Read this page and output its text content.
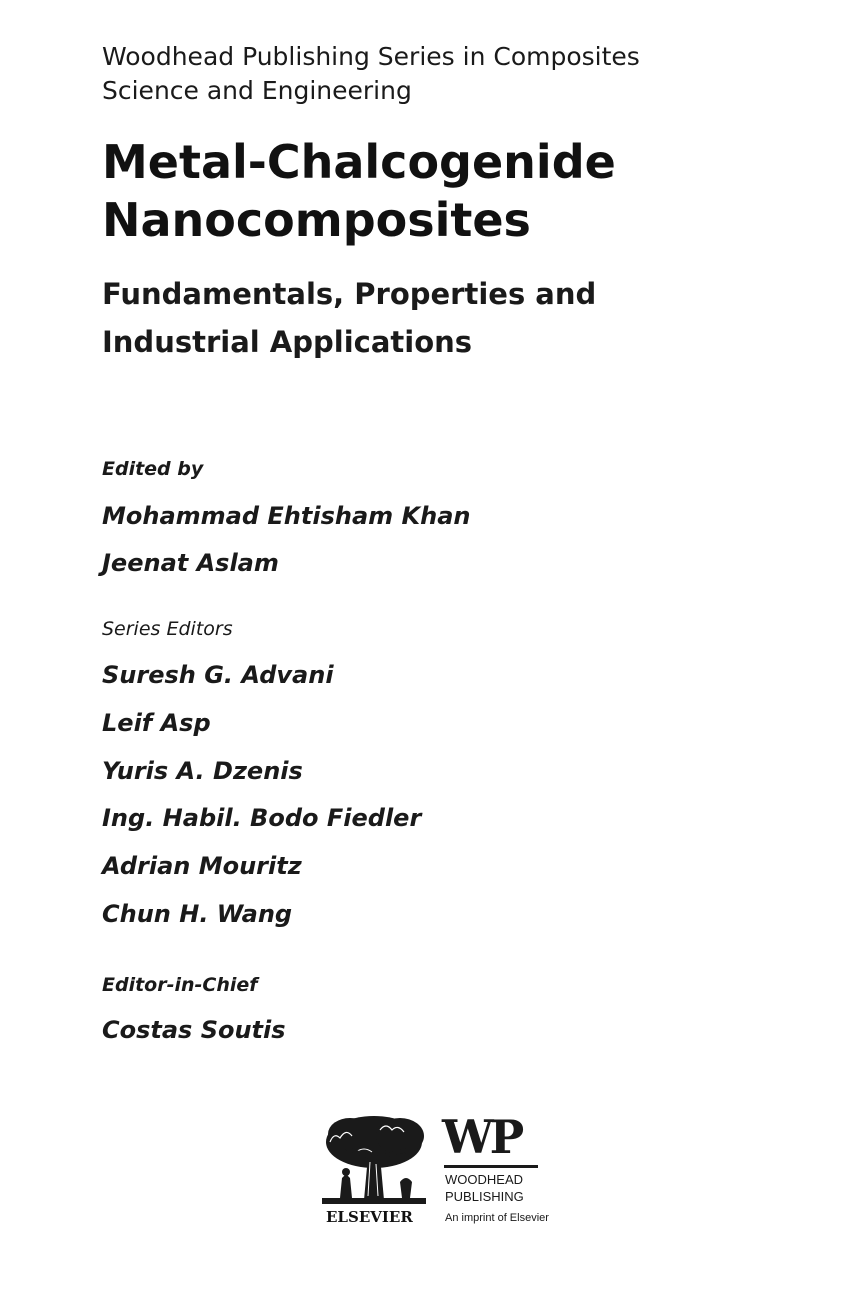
Woodhead Publishing Series in Composites
Science and Engineering
Metal-Chalcogenide
Nanocomposites
Fundamentals, Properties and
Industrial Applications
Edited by
Mohammad Ehtisham Khan
Jeenat Aslam
Series Editors
Suresh G. Advani
Leif Asp
Yuris A. Dzenis
Ing. Habil. Bodo Fiedler
Adrian Mouritz
Chun H. Wang
Editor-in-Chief
Costas Soutis
ELSEVIER
WP
WOODHEAD
PUBLISHING
An imprint of Elsevier
